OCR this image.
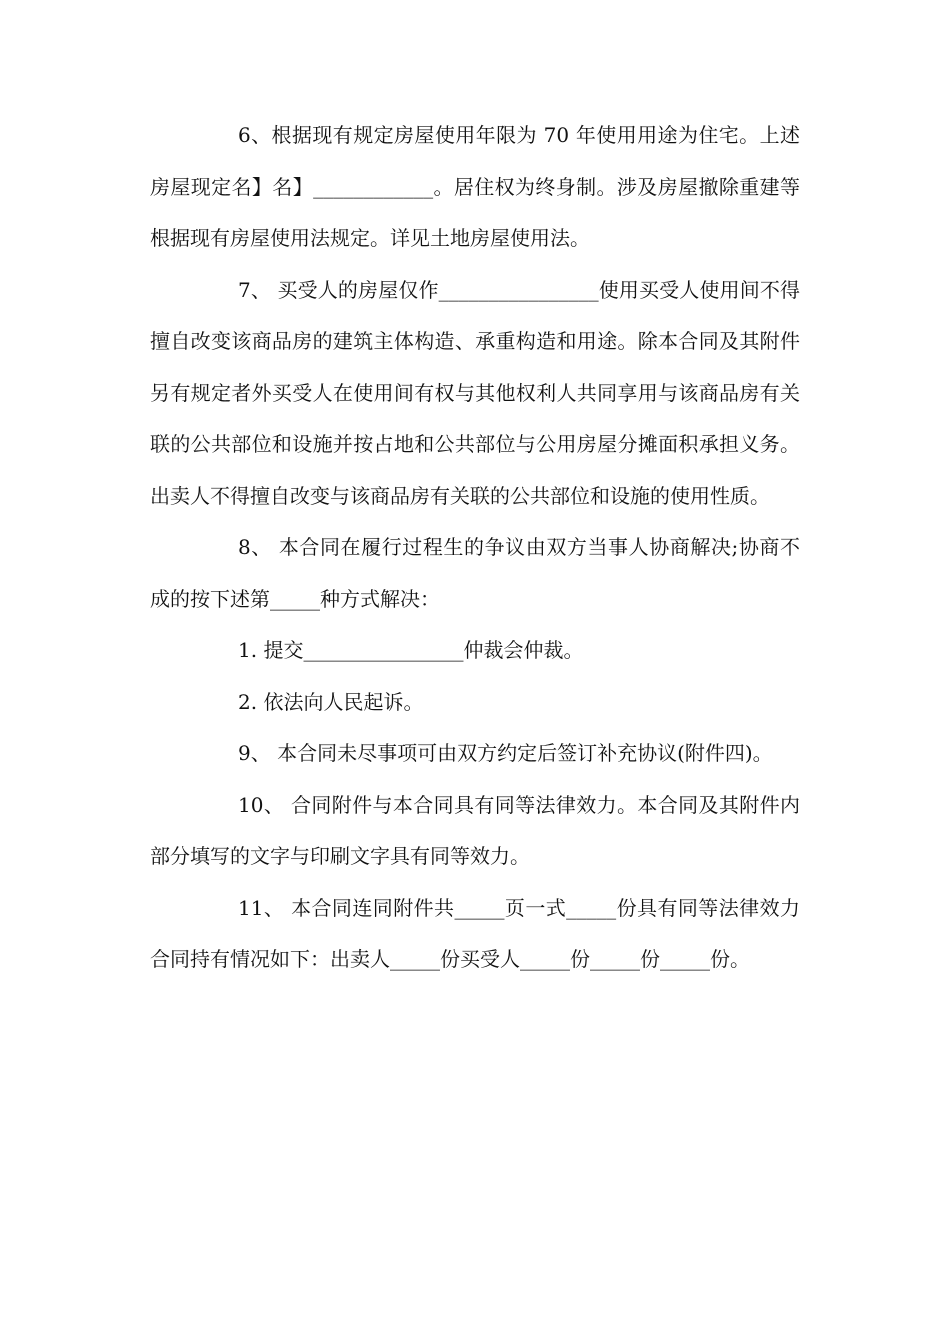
6、根据现有规定房屋使用年限为 70 年使用用途为住宅。上述房屋现定名】名】____________。居住权为终身制。涉及房屋撤除重建等根据现有房屋使用法规定。详见土地房屋使用法。

7、 买受人的房屋仅作________________使用买受人使用间不得擅自改变该商品房的建筑主体构造、承重构造和用途。除本合同及其附件另有规定者外买受人在使用间有权与其他权利人共同享用与该商品房有关联的公共部位和设施并按占地和公共部位与公用房屋分摊面积承担义务。出卖人不得擅自改变与该商品房有关联的公共部位和设施的使用性质。

8、 本合同在履行过程生的争议由双方当事人协商解决;协商不成的按下述第_____种方式解决：

1. 提交________________仲裁会仲裁。

2. 依法向人民起诉。

9、 本合同未尽事项可由双方约定后签订补充协议(附件四)。

10、 合同附件与本合同具有同等法律效力。本合同及其附件内 部分填写的文字与印刷文字具有同等效力。

11、 本合同连同附件共_____页一式_____份具有同等法律效力合同持有情况如下：出卖人_____份买受人_____份_____份_____份。
